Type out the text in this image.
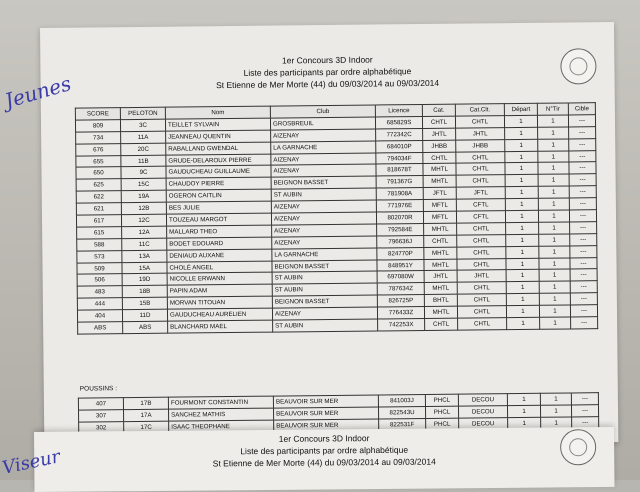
1er Concours 3D Indoor
Liste des participants par ordre alphabétique
St Etienne de Mer Morte (44) du 09/03/2014 au 09/03/2014
SCORE	PELOTON	Nom	Club	Licence	Cat.	Cat.Clt.	Départ	N°Tir	Cible
809	3C	TEILLET SYLVAIN	GROSBREUIL	685829S	CHTL	CHTL	1	1	---
734	11A	JEANNEAU QUENTIN	AIZENAY	772342C	JHTL	JHTL	1	1	---
676	20C	RABALLAND GWENDAL	LA GARNACHE	684010P	JHBB	JHBB	1	1	---
655	11B	GRUDE-DELAROUX PIERRE	AIZENAY	794034F	CHTL	CHTL	1	1	---
650	9C	GAUDUCHEAU GUILLAUME	AIZENAY	818678T	MHTL	CHTL	1	1	---
625	15C	CHAUDOY PIERRE	BEIGNON BASSET	791367G	MHTL	CHTL	1	1	---
622	19A	OGERON CAITLIN	ST AUBIN	781908A	JFTL	JFTL	1	1	---
621	12B	BES JULIE	AIZENAY	771976E	MFTL	CFTL	1	1	---
617	12C	TOUZEAU MARGOT	AIZENAY	802070R	MFTL	CFTL	1	1	---
615	12A	MALLARD THEO	AIZENAY	792584E	MHTL	CHTL	1	1	---
588	11C	BODET EDOUARD	AIZENAY	796636J	CHTL	CHTL	1	1	---
573	13A	DENIAUD AUXANE	LA GARNACHE	824770P	MHTL	CHTL	1	1	---
509	15A	CHOLÉ ANGEL	BEIGNON BASSET	848951Y	MHTL	CHTL	1	1	---
506	19D	NICOLLE ERWANN	ST AUBIN	697080W	JHTL	JHTL	1	1	---
483	18B	PAPIN ADAM	ST AUBIN	787634Z	MHTL	CHTL	1	1	---
444	15B	MORVAN TITOUAN	BEIGNON BASSET	826725P	BHTL	CHTL	1	1	---
404	11D	GAUDUCHEAU AURELIEN	AIZENAY	776433Z	MHTL	CHTL	1	1	---
ABS	ABS	BLANCHARD MAEL	ST AUBIN	742253X	CHTL	CHTL	1	1	---
POUSSINS :
407	17B	FOURMONT CONSTANTIN	BEAUVOIR SUR MER	841003J	PHCL	DECOU	1	1	---
307	17A	SANCHEZ MATHIS	BEAUVOIR SUR MER	822543U	PHCL	DECOU	1	1	---
302	17C	ISAAC THEOPHANE	BEAUVOIR SUR MER	822531F	PHCL	DECOU	1	1	---
1er Concours 3D Indoor
Liste des participants par ordre alphabétique
St Etienne de Mer Morte (44) du 09/03/2014 au 09/03/2014
Jeunes
Viseur
